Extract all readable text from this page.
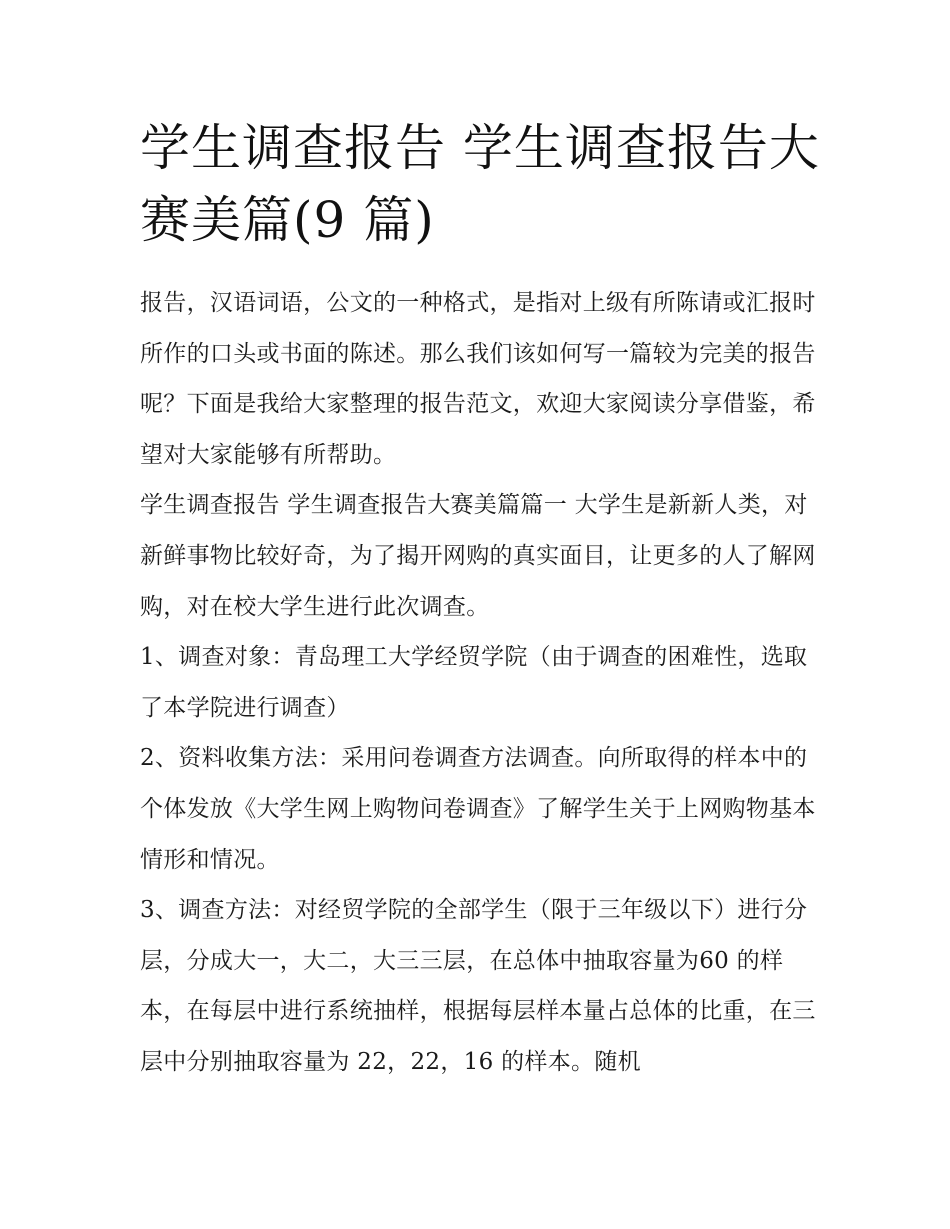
学生调查报告 学生调查报告大赛美篇(9 篇)

报告，汉语词语，公文的一种格式，是指对上级有所陈请或汇报时所作的口头或书面的陈述。那么我们该如何写一篇较为完美的报告呢？下面是我给大家整理的报告范文，欢迎大家阅读分享借鉴，希望对大家能够有所帮助。

学生调查报告 学生调查报告大赛美篇篇一 大学生是新新人类，对新鲜事物比较好奇，为了揭开网购的真实面目，让更多的人了解网购，对在校大学生进行此次调查。

1、调查对象：青岛理工大学经贸学院（由于调查的困难性，选取了本学院进行调查）

2、资料收集方法：采用问卷调查方法调查。向所取得的样本中的个体发放《大学生网上购物问卷调查》了解学生关于上网购物基本情形和情况。

3、调查方法：对经贸学院的全部学生（限于三年级以下）进行分层，分成大一，大二，大三三层，在总体中抽取容量为60 的样本，在每层中进行系统抽样，根据每层样本量占总体的比重，在三层中分别抽取容量为 22，22，16 的样本。随机
